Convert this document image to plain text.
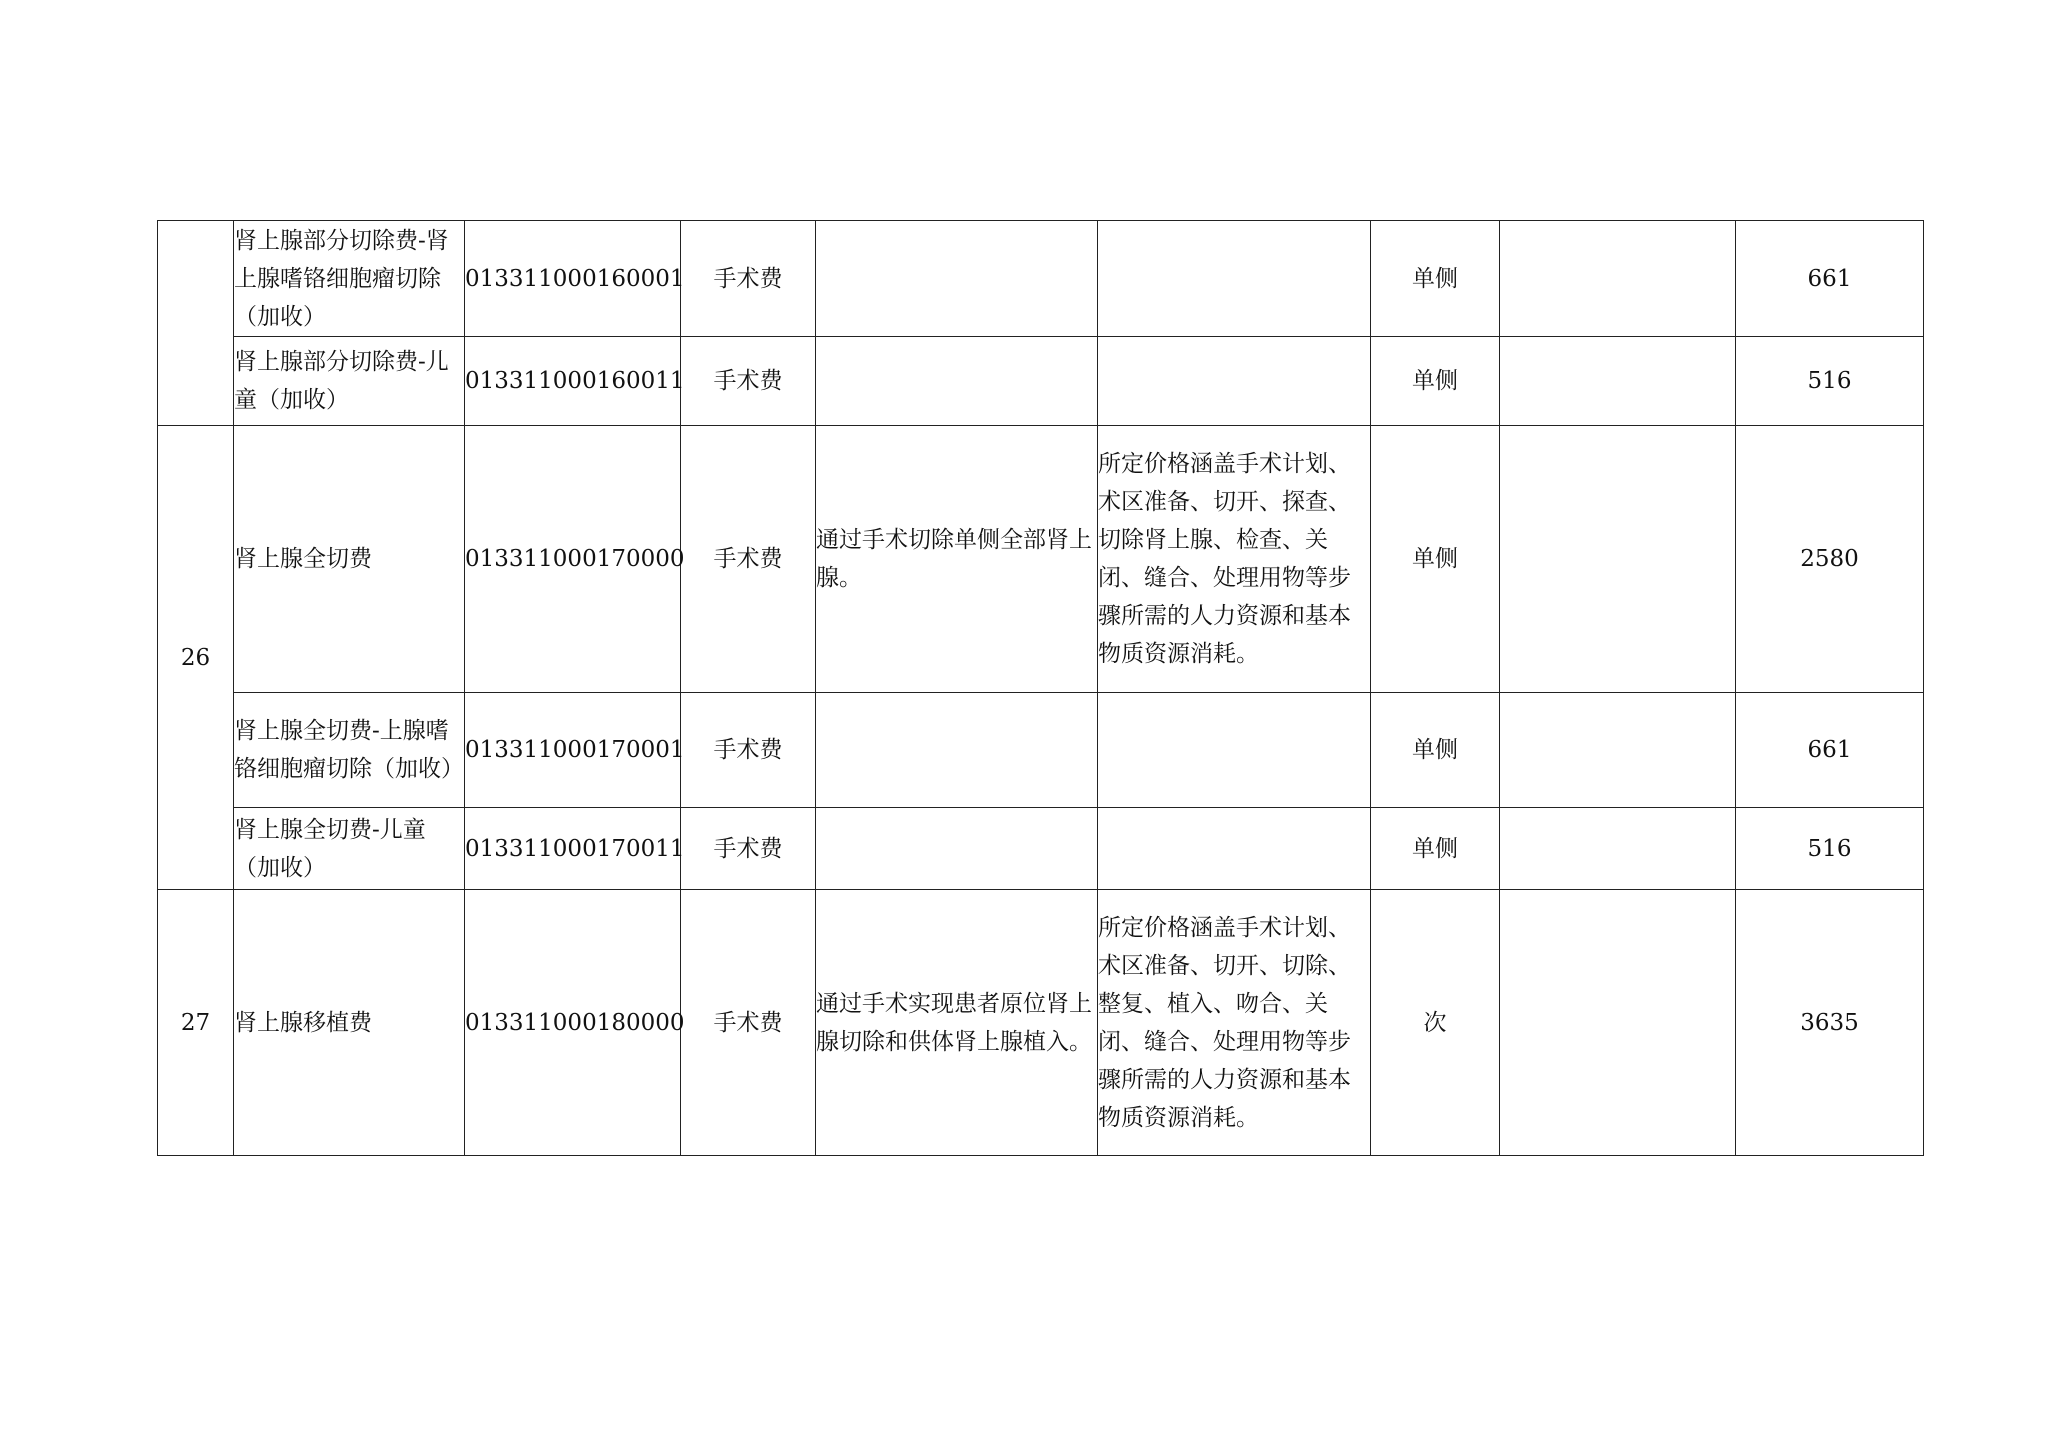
	肾上腺部分切除费-肾上腺嗜铬细胞瘤切除（加收）	013311000160001	手术费			单侧		661
	肾上腺部分切除费-儿童（加收）	013311000160011	手术费			单侧		516
26	肾上腺全切费	013311000170000	手术费	通过手术切除单侧全部肾上腺。	所定价格涵盖手术计划、术区准备、切开、探查、切除肾上腺、检查、关闭、缝合、处理用物等步骤所需的人力资源和基本物质资源消耗。	单侧		2580
	肾上腺全切费-上腺嗜铬细胞瘤切除（加收）	013311000170001	手术费			单侧		661
	肾上腺全切费-儿童（加收）	013311000170011	手术费			单侧		516
27	肾上腺移植费	013311000180000	手术费	通过手术实现患者原位肾上腺切除和供体肾上腺植入。	所定价格涵盖手术计划、术区准备、切开、切除、整复、植入、吻合、关闭、缝合、处理用物等步骤所需的人力资源和基本物质资源消耗。	次		3635
